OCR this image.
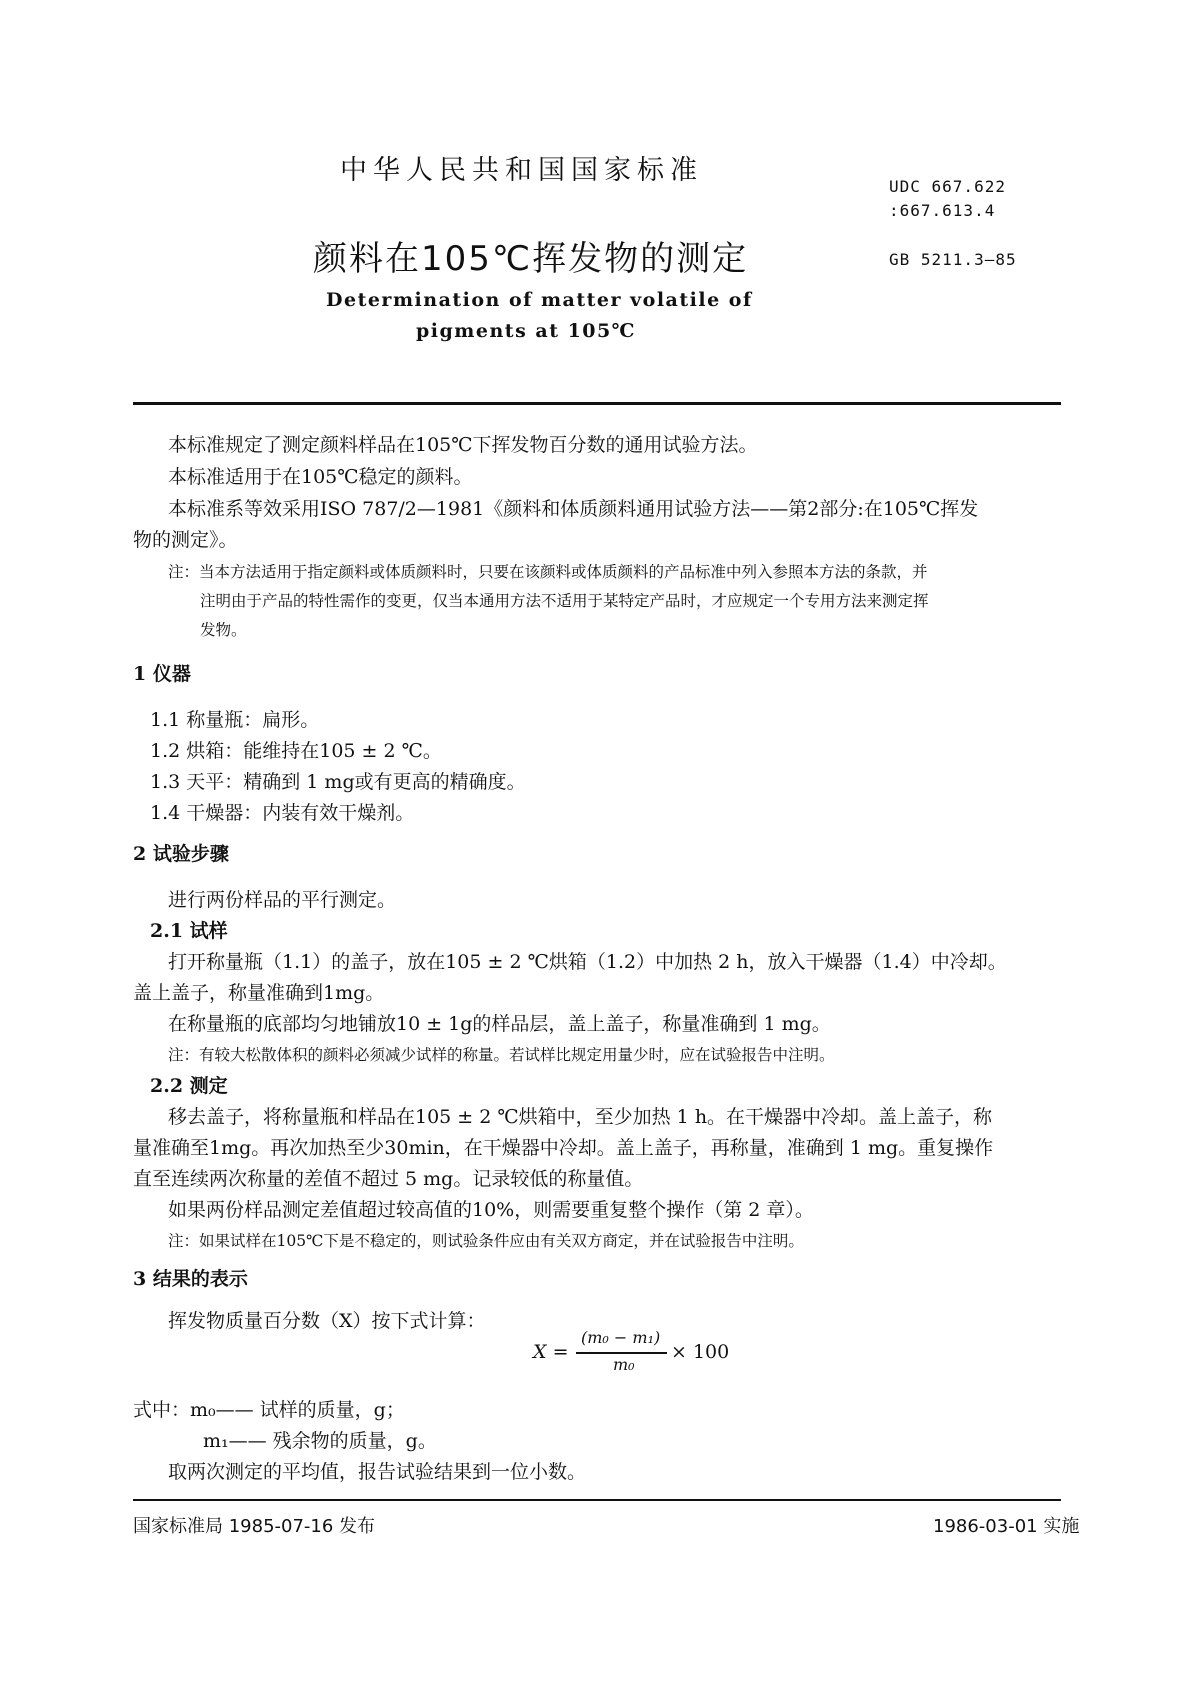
中华人民共和国国家标准
UDC 667.622
:667.613.4
颜料在105℃挥发物的测定	GB 5211.3—85
Determination of matter volatile of
pigments at 105℃
本标准规定了测定颜料样品在105℃下挥发物百分数的通用试验方法。
本标准适用于在105℃稳定的颜料。
本标准系等效采用ISO 787/2—1981《颜料和体质颜料通用试验方法——第2部分:在105℃挥发
物的测定》。
注：当本方法适用于指定颜料或体质颜料时，只要在该颜料或体质颜料的产品标准中列入参照本方法的条款，并
注明由于产品的特性需作的变更，仅当本通用方法不适用于某特定产品时，才应规定一个专用方法来测定挥
发物。
1 仪器
1.1 称量瓶：扁形。
1.2 烘箱：能维持在105 ± 2 ℃。
1.3 天平：精确到 1 mg或有更高的精确度。
1.4 干燥器：内装有效干燥剂。
2 试验步骤
进行两份样品的平行测定。
2.1 试样
打开称量瓶（1.1）的盖子，放在105 ± 2 ℃烘箱（1.2）中加热 2 h，放入干燥器（1.4）中冷却。
盖上盖子，称量准确到1mg。
在称量瓶的底部均匀地铺放10 ± 1g的样品层，盖上盖子，称量准确到 1 mg。
注：有较大松散体积的颜料必须减少试样的称量。若试样比规定用量少时，应在试验报告中注明。
2.2 测定
移去盖子，将称量瓶和样品在105 ± 2 ℃烘箱中，至少加热 1 h。在干燥器中冷却。盖上盖子，称
量准确至1mg。再次加热至少30min，在干燥器中冷却。盖上盖子，再称量，准确到 1 mg。重复操作
直至连续两次称量的差值不超过 5 mg。记录较低的称量值。
如果两份样品测定差值超过较高值的10%，则需要重复整个操作（第 2 章）。
注：如果试样在105℃下是不稳定的，则试验条件应由有关双方商定，并在试验报告中注明。
3 结果的表示
挥发物质量百分数（X）按下式计算：
X =
(m₀ − m₁)
m₀
× 100
式中：m₀—— 试样的质量，g；
m₁—— 残余物的质量，g。
取两次测定的平均值，报告试验结果到一位小数。
国家标准局 1985-07-16 发布	1986-03-01 实施
